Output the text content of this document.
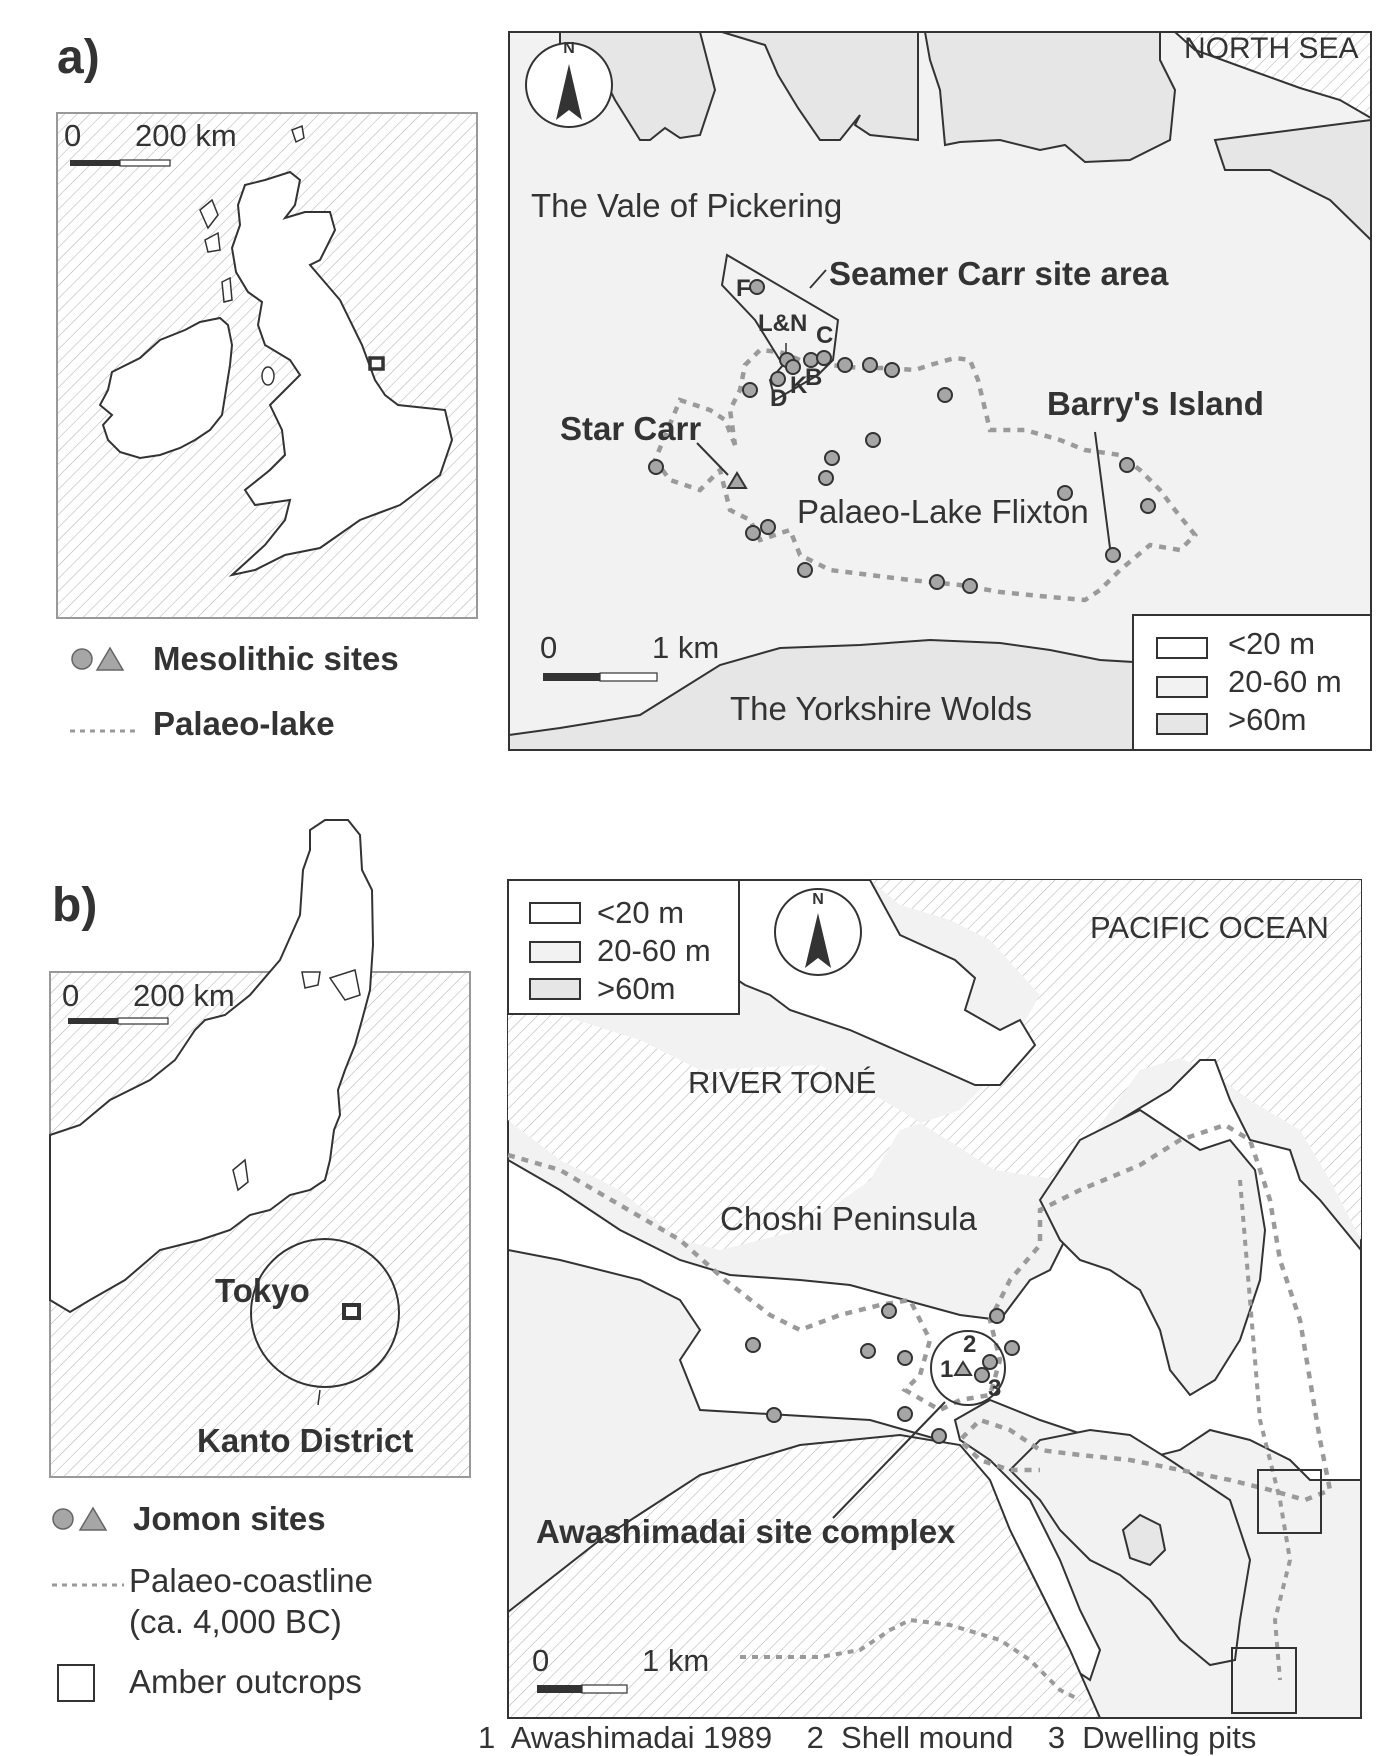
a)
0 200 km
NORTH SEA
N
The Vale of Pickering
Seamer Carr site area
F
L&N C
D K
B
Star Carr
Barry's Island
Palaeo-Lake Flixton
0	1 km
The Yorkshire Wolds
<20 m
20-60 m
>60m
Mesolithic sites
Palaeo-lake
b)
0 200 km
Tokyo
Kanto District
<20 m
20-60 m
>60m
N
PACIFIC OCEAN
RIVER TONÉ
Choshi Peninsula
1
2
3
Awashimadai site complex
0	1 km
Jomon sites
Palaeo-coastline
(ca. 4,000 BC)
Amber outcrops
1  Awashimadai 1989    2  Shell mound    3  Dwelling pits
